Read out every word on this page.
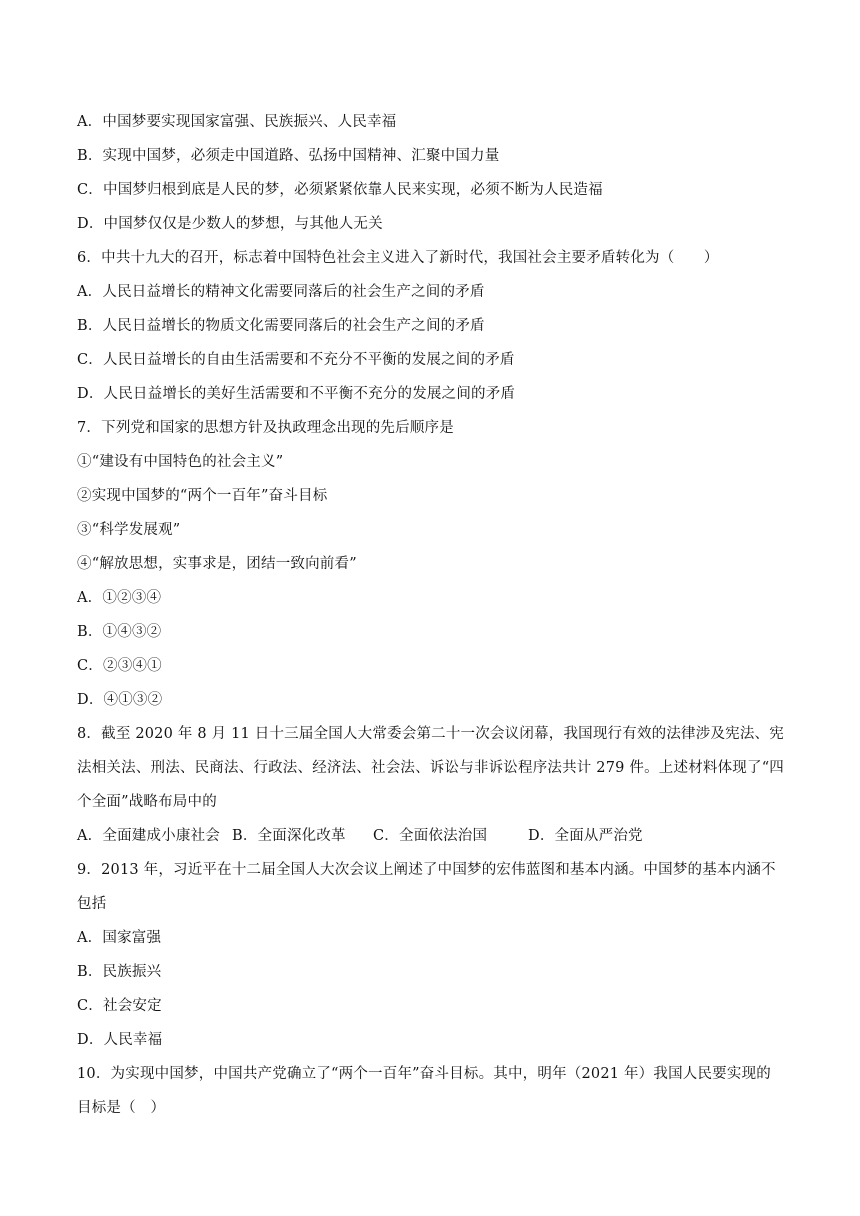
A．中国梦要实现国家富强、民族振兴、人民幸福
B．实现中国梦，必须走中国道路、弘扬中国精神、汇聚中国力量
C．中国梦归根到底是人民的梦，必须紧紧依靠人民来实现，必须不断为人民造福
D．中国梦仅仅是少数人的梦想，与其他人无关
6．中共十九大的召开，标志着中国特色社会主义进入了新时代，我国社会主要矛盾转化为（　　）
A．人民日益增长的精神文化需要同落后的社会生产之间的矛盾
B．人民日益增长的物质文化需要同落后的社会生产之间的矛盾
C．人民日益增长的自由生活需要和不充分不平衡的发展之间的矛盾
D．人民日益增长的美好生活需要和不平衡不充分的发展之间的矛盾
7．下列党和国家的思想方针及执政理念出现的先后顺序是
①“建设有中国特色的社会主义”
②实现中国梦的“两个一百年”奋斗目标
③“科学发展观”
④“解放思想，实事求是，团结一致向前看”
A．①②③④
B．①④③②
C．②③④①
D．④①③②
8．截至 2020 年 8 月 11 日十三届全国人大常委会第二十一次会议闭幕，我国现行有效的法律涉及宪法、宪
法相关法、刑法、民商法、行政法、经济法、社会法、诉讼与非诉讼程序法共计 279 件。上述材料体现了“四
个全面”战略布局中的
A．全面建成小康社会 B．全面深化改革 C．全面依法治国	D．全面从严治党
9．2013 年，习近平在十二届全国人大次会议上阐述了中国梦的宏伟蓝图和基本内涵。中国梦的基本内涵不
包括
A．国家富强
B．民族振兴
C．社会安定
D．人民幸福
10．为实现中国梦，中国共产党确立了“两个一百年”奋斗目标。其中，明年（2021 年）我国人民要实现的
目标是（　）
